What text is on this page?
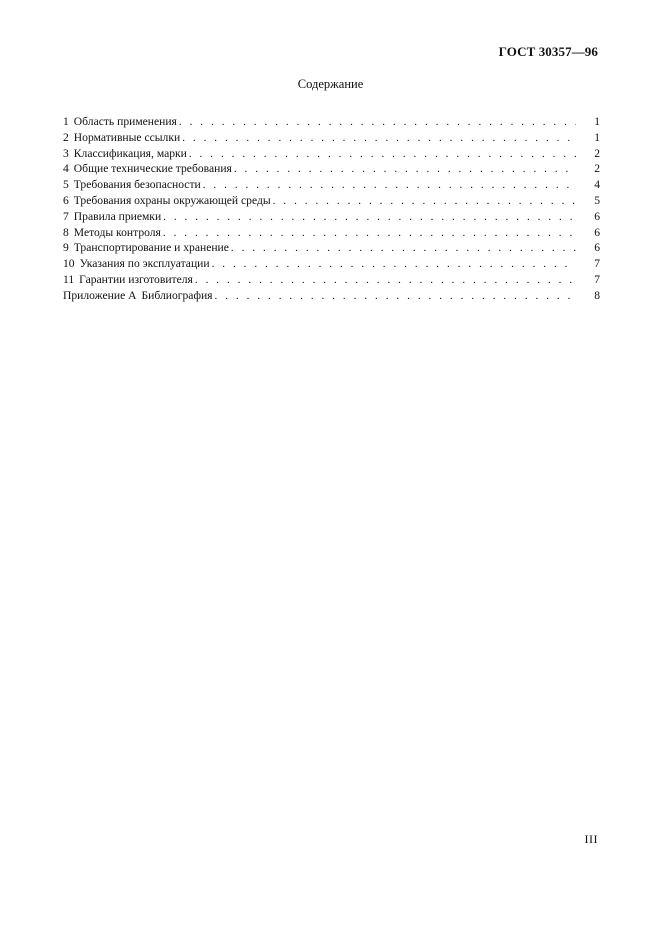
ГОСТ 30357—96
Содержание
1 Область применения . . .	1
2 Нормативные ссылки . . .	1
3 Классификация, марки . . .	2
4 Общие технические требования . . .	2
5 Требования безопасности . . .	4
6 Требования охраны окружающей среды . . .	5
7 Правила приемки . . .	6
8 Методы контроля . . .	6
9 Транспортирование и хранение . . .	6
10 Указания по эксплуатации . . .	7
11 Гарантии изготовителя . . .	7
Приложение А Библиография . . .	8
III
